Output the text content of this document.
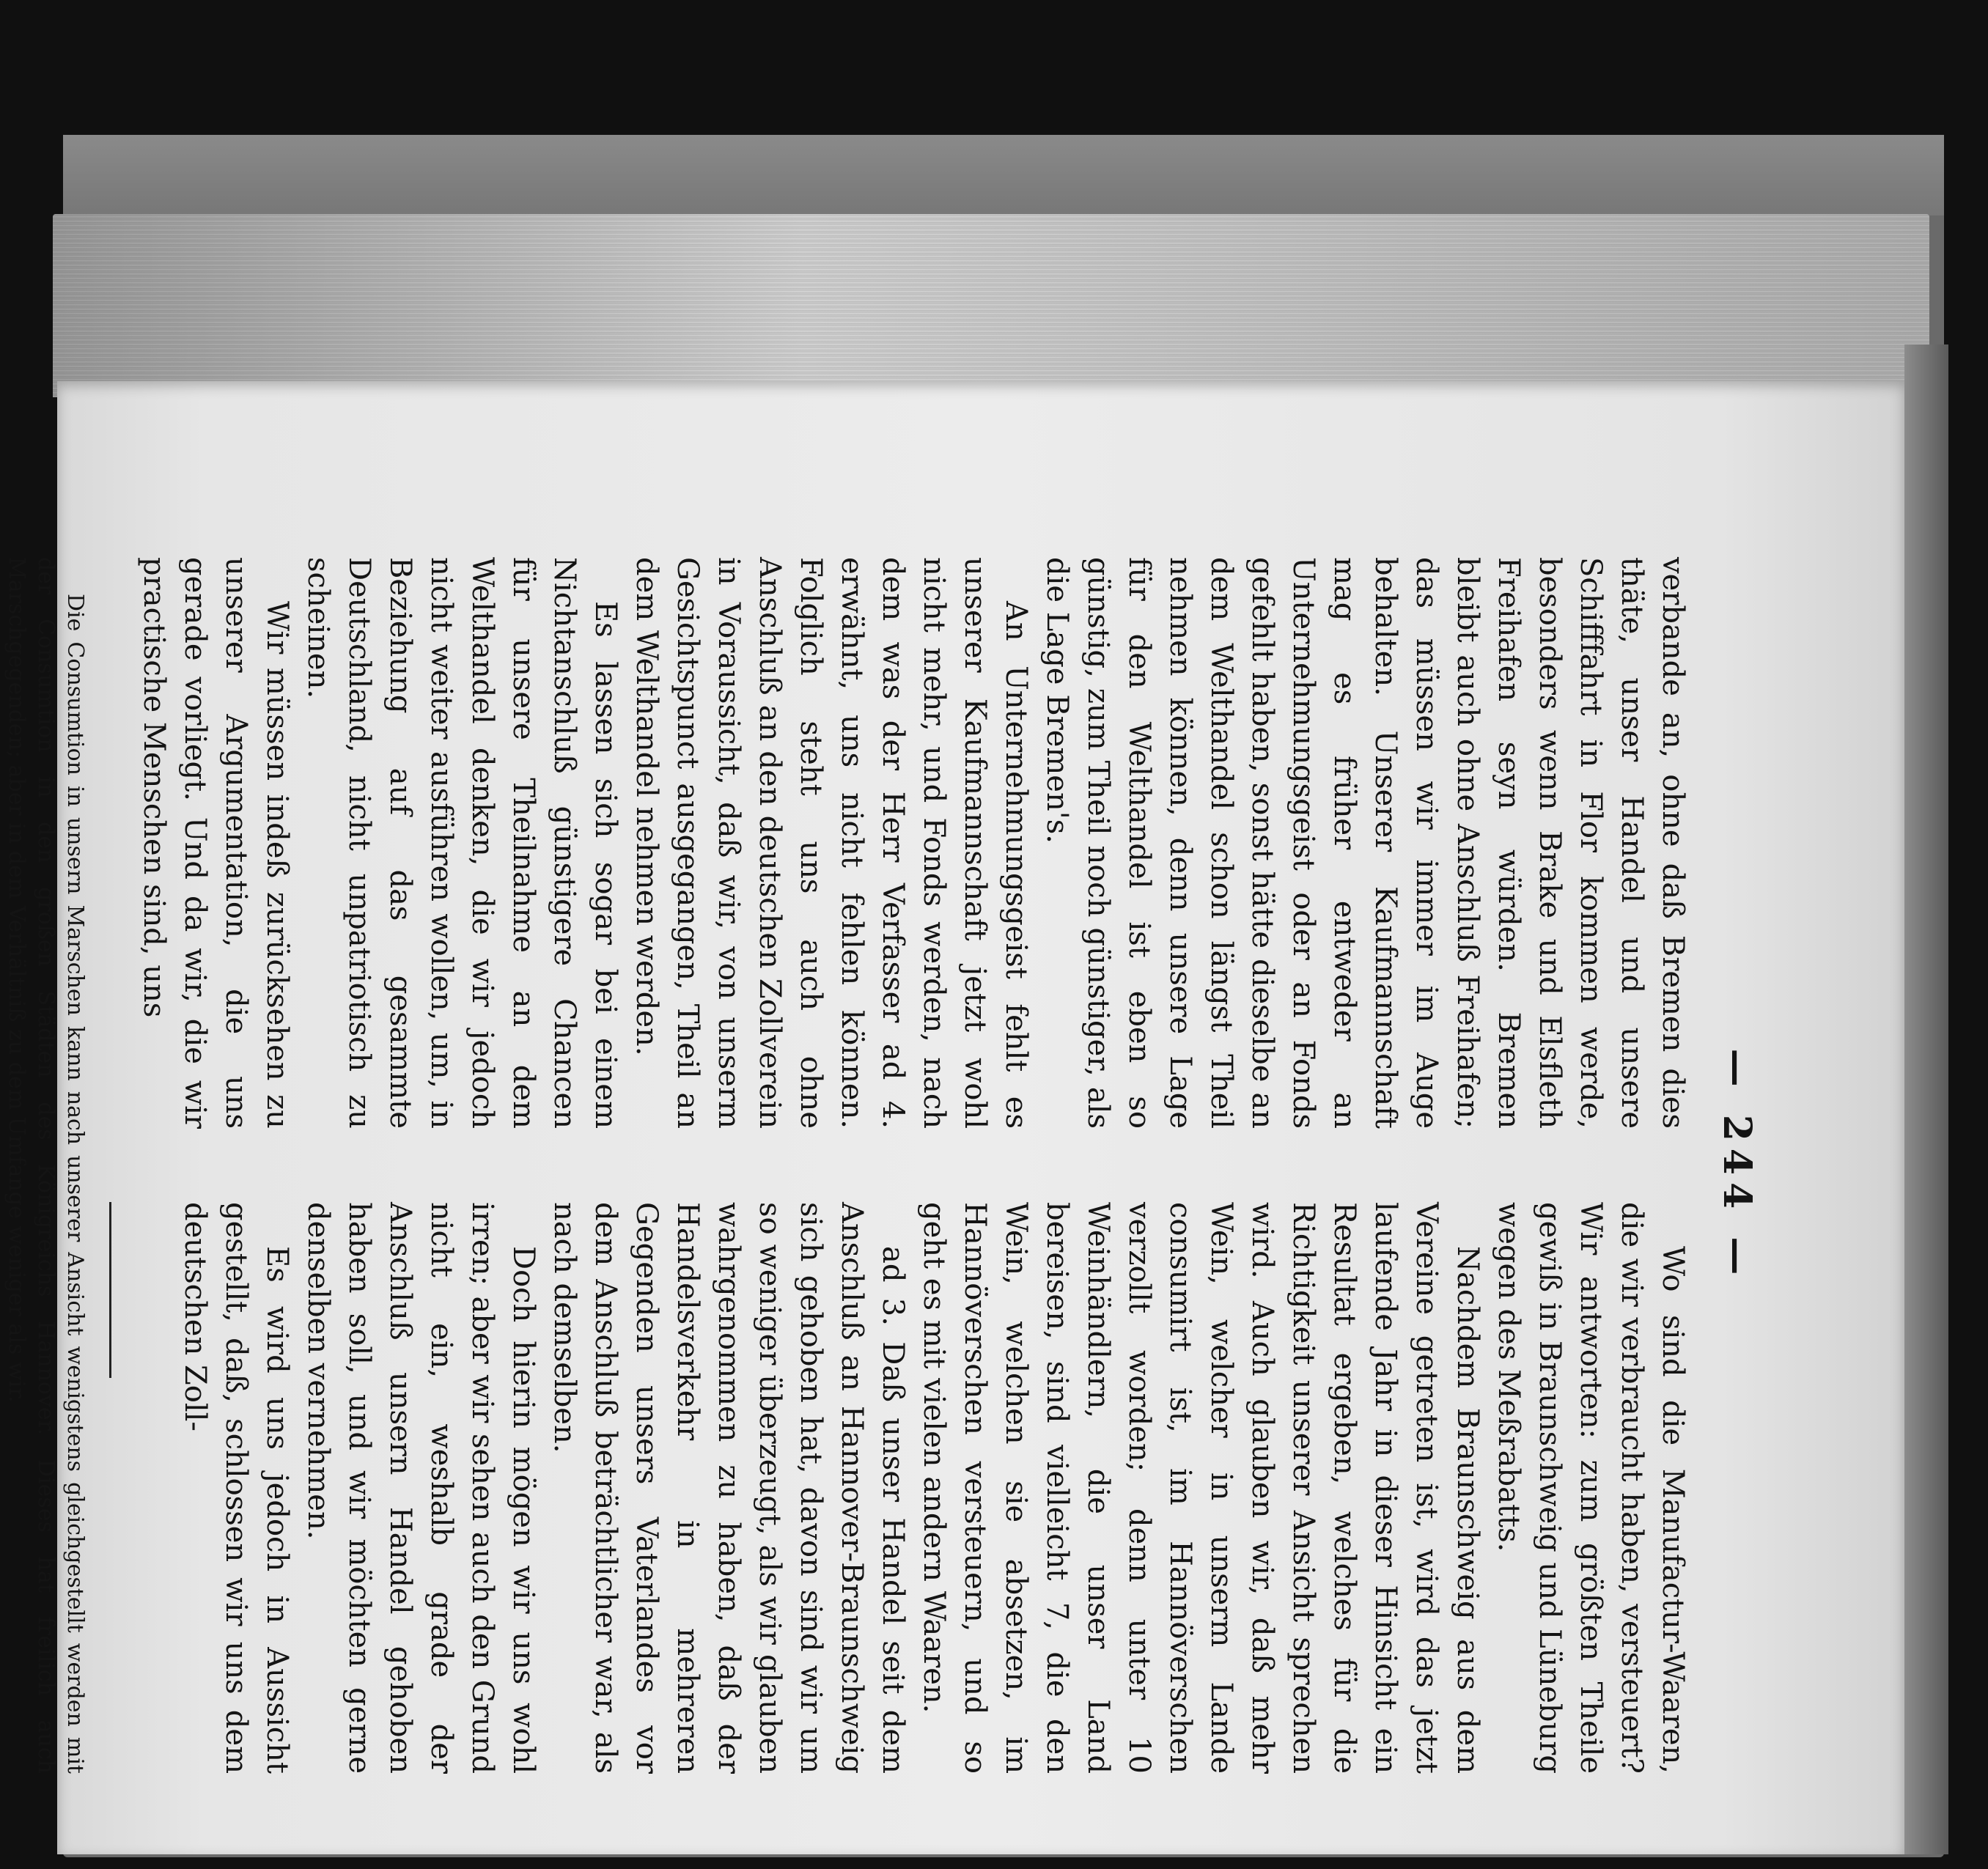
— 244 —

verbande an, ohne daß Bremen dies thäte, unser Handel und unsere Schifffahrt in Flor kommen werde, besonders wenn Brake und Elsfleth Freihafen seyn würden. Bremen bleibt auch ohne Anschluß Freihafen; das müssen wir immer im Auge behalten. Unserer Kaufmannschaft mag es früher entweder an Unternehmungsgeist oder an Fonds gefehlt haben, sonst hätte dieselbe an dem Welthandel schon längst Theil nehmen können, denn unsere Lage für den Welthandel ist eben so günstig, zum Theil noch günstiger, als die Lage Bremen's.

An Unternehmungsgeist fehlt es unserer Kaufmannschaft jetzt wohl nicht mehr, und Fonds werden, nach dem was der Herr Verfasser ad 4. erwähnt, uns nicht fehlen können. Folglich steht uns auch ohne Anschluß an den deutschen Zollverein in Voraussicht, daß wir, von unserm Gesichtspunct ausgegangen, Theil an dem Welthandel nehmen werden.

Es lassen sich sogar bei einem Nichtanschluß günstigere Chancen für unsere Theilnahme an dem Welthandel denken, die wir jedoch nicht weiter ausführen wollen, um, in Beziehung auf das gesammte Deutschland, nicht unpatriotisch zu scheinen.

Wir müssen indeß zurücksehen zu unserer Argumentation, die uns gerade vorliegt. Und da wir, die wir practische Menschen sind, uns

Wo sind die Manufactur-Waaren, die wir verbraucht haben, versteuert? Wir antworten: zum größten Theile gewiß in Braunschweig und Lüneburg wegen des Meßrabatts.

Nachdem Braunschweig aus dem Vereine getreten ist, wird das jetzt laufende Jahr in dieser Hinsicht ein Resultat ergeben, welches für die Richtigkeit unserer Ansicht sprechen wird. Auch glauben wir, daß mehr Wein, welcher in unserm Lande consumirt ist, im Hannöverschen verzollt worden; denn unter 10 Weinhändlern, die unser Land bereisen, sind vielleicht 7, die den Wein, welchen sie absetzen, im Hannöverschen versteuern, und so geht es mit vielen andern Waaren.

ad 3. Daß unser Handel seit dem Anschluß an Hannover-Braunschweig sich gehoben hat, davon sind wir um so weniger überzeugt, als wir glauben wahrgenommen zu haben, daß der Handelsverkehr in mehreren Gegenden unsers Vaterlandes vor dem Anschluß beträchtlicher war, als nach demselben.

Doch hierin mögen wir uns wohl irren; aber wir sehen auch den Grund nicht ein, weshalb grade der Anschluß unsern Handel gehoben haben soll, und wir möchten gerne denselben vernehmen.

Es wird uns jedoch in Aussicht gestellt, daß, schlossen wir uns dem deutschen Zoll-

Die Consumtion in unsern Marschen kann nach unserer Ansicht wenigstens gleichgestellt werden mit der Consumtion in den großen Städten des Königreichs Hannover. Dieses hat freilich auch Marschgegenden; aber in dem Verhältniß zu dem Umfange weniger als wir.
